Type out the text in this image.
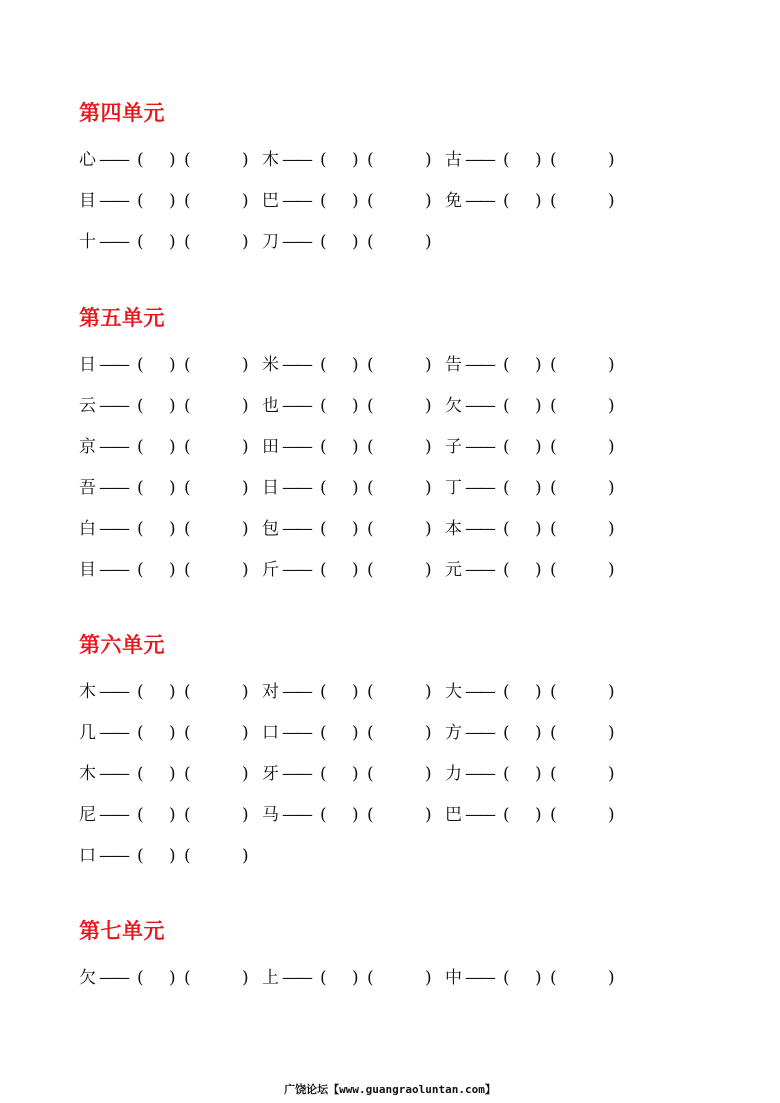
第四单元
心 —— ( ) (	) 木 —— ( ) (	) 古 —— ( ) (	)
目 —— ( ) (	) 巴 —— ( ) (	) 免 —— ( ) (	)
十 —— ( ) (	) 刀 —— ( ) (	)
第五单元
日 —— ( ) (	) 米 —— ( ) (	) 告 —— ( ) (	)
云 —— ( ) (	) 也 —— ( ) (	) 欠 —— ( ) (	)
京 —— ( ) (	) 田 —— ( ) (	) 子 —— ( ) (	)
吾 —— ( ) (	) 日 —— ( ) (	) 丁 —— ( ) (	)
白 —— ( ) (	) 包 —— ( ) (	) 本 —— ( ) (	)
目 —— ( ) (	) 斤 —— ( ) (	) 元 —— ( ) (	)
第六单元
木 —— ( ) (	) 对 —— ( ) (	) 大 —— ( ) (	)
几 —— ( ) (	) 口 —— ( ) (	) 方 —— ( ) (	)
木 —— ( ) (	) 牙 —— ( ) (	) 力 —— ( ) (	)
尼 —— ( ) (	) 马 —— ( ) (	) 巴 —— ( ) (	)
口 —— ( ) (	)
第七单元
欠 —— ( ) (	) 上 —— ( ) (	) 中 —— ( ) (	)
广饶论坛【www.guangraoluntan.com】
